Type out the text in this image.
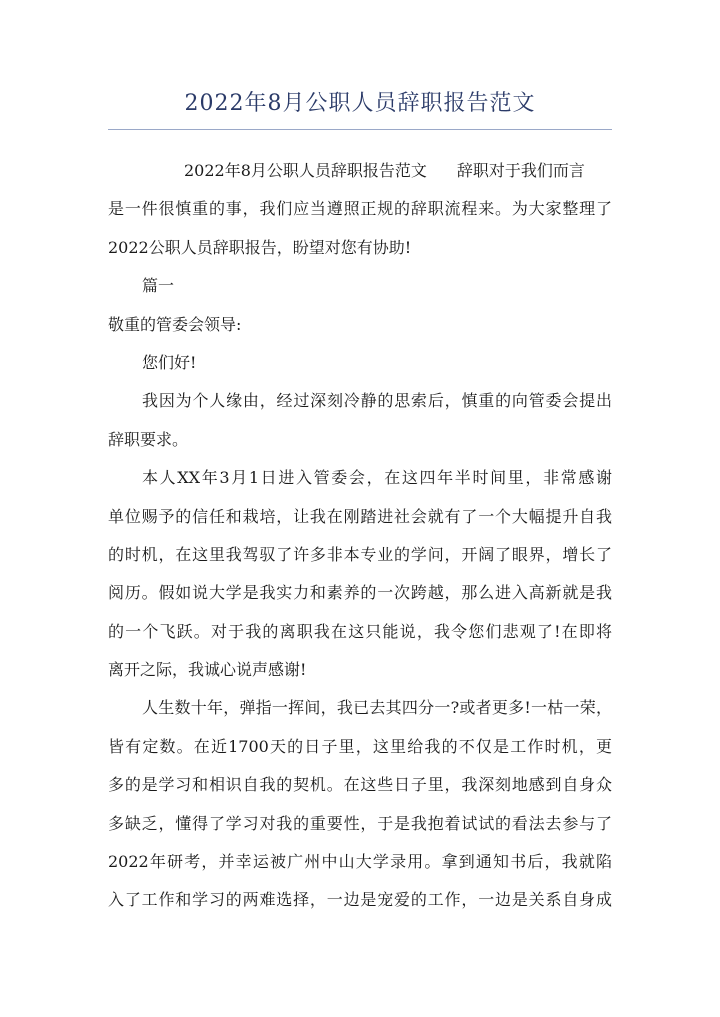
2022年8月公职人员辞职报告范文
2022年8月公职人员辞职报告范文 辞职对于我们而言
是一件很慎重的事，我们应当遵照正规的辞职流程来。为大家整理了
2022公职人员辞职报告，盼望对您有协助!
篇一
敬重的管委会领导:
您们好!
我因为个人缘由，经过深刻冷静的思索后，慎重的向管委会提出
辞职要求。
本人XX年3月1日进入管委会，在这四年半时间里，非常感谢
单位赐予的信任和栽培，让我在刚踏进社会就有了一个大幅提升自我
的时机，在这里我驾驭了许多非本专业的学问，开阔了眼界，增长了
阅历。假如说大学是我实力和素养的一次跨越，那么进入高新就是我
的一个飞跃。对于我的离职我在这只能说，我令您们悲观了!在即将
离开之际，我诚心说声感谢!
人生数十年，弹指一挥间，我已去其四分一?或者更多!一枯一荣，
皆有定数。在近1700天的日子里，这里给我的不仅是工作时机，更
多的是学习和相识自我的契机。在这些日子里，我深刻地感到自身众
多缺乏，懂得了学习对我的重要性，于是我抱着试试的看法去参与了
2022年研考，并幸运被广州中山大学录用。拿到通知书后，我就陷
入了工作和学习的两难选择，一边是宠爱的工作，一边是关系自身成
